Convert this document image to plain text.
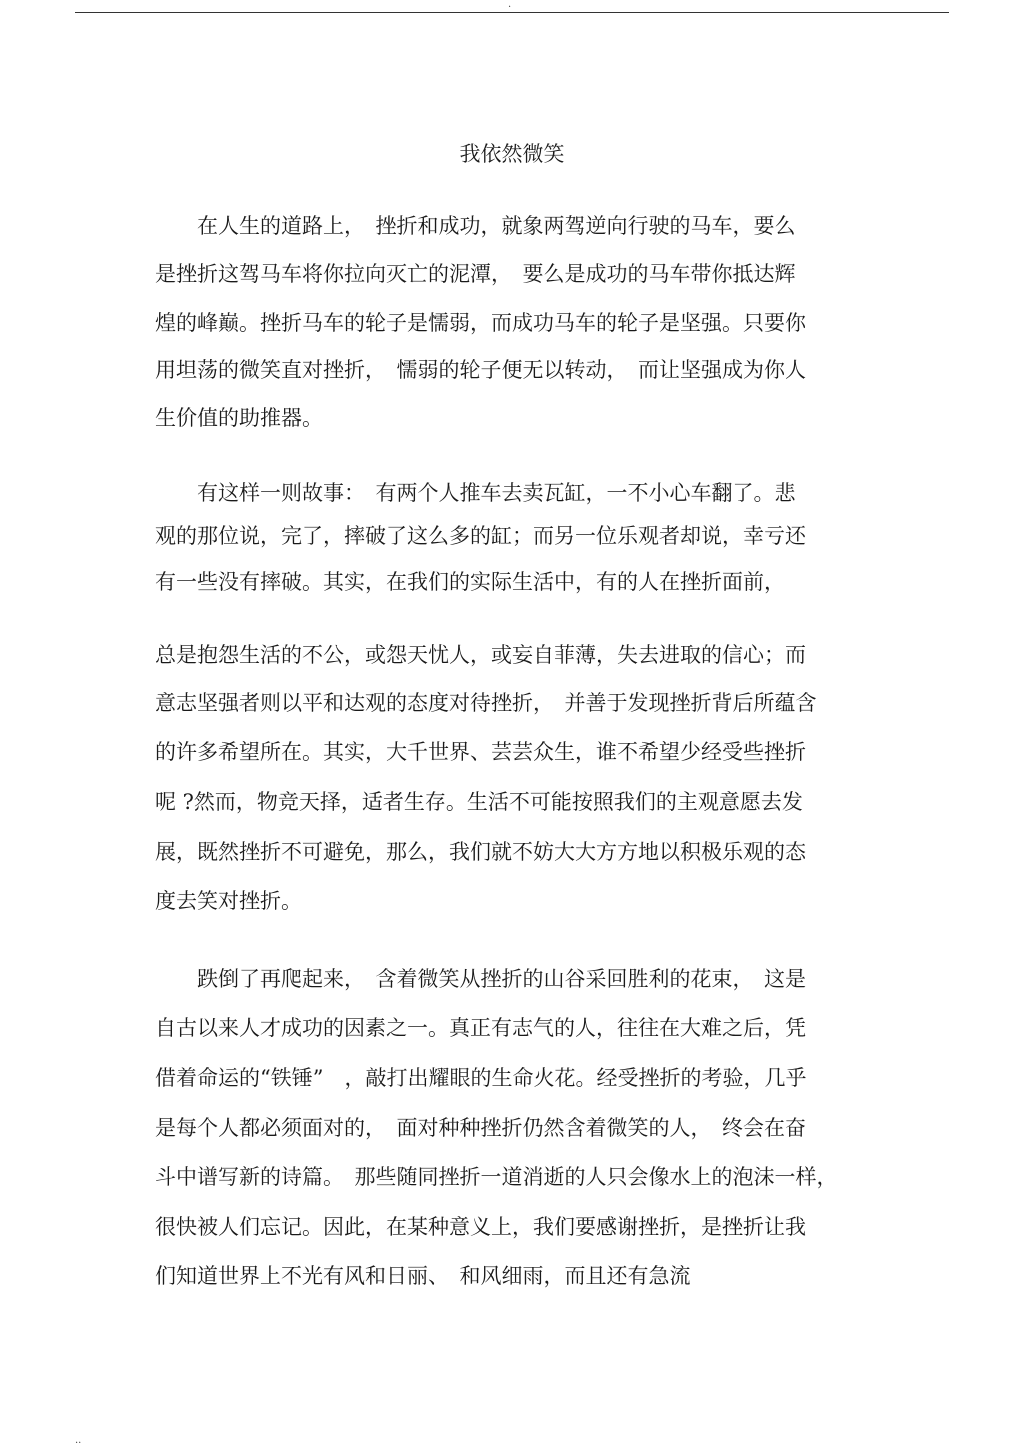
.
我依然微笑
　　在人生的道路上，　挫折和成功，就象两驾逆向行驶的马车，要么
是挫折这驾马车将你拉向灭亡的泥潭，　要么是成功的马车带你抵达辉
煌的峰巅。挫折马车的轮子是懦弱，而成功马车的轮子是坚强。只要你
用坦荡的微笑直对挫折，　懦弱的轮子便无以转动，　而让坚强成为你人
生价值的助推器。
　　有这样一则故事：　有两个人推车去卖瓦缸，一不小心车翻了。悲
观的那位说，完了，摔破了这么多的缸；而另一位乐观者却说，幸亏还
有一些没有摔破。其实，在我们的实际生活中，有的人在挫折面前，
总是抱怨生活的不公，或怨天忧人，或妄自菲薄，失去进取的信心；而
意志坚强者则以平和达观的态度对待挫折，　并善于发现挫折背后所蕴含
的许多希望所在。其实，大千世界、芸芸众生，谁不希望少经受些挫折
呢 ?然而，物竞天择，适者生存。生活不可能按照我们的主观意愿去发
展，既然挫折不可避免，那么，我们就不妨大大方方地以积极乐观的态
度去笑对挫折。
　　跌倒了再爬起来，　含着微笑从挫折的山谷采回胜利的花束，　这是
自古以来人才成功的因素之一。真正有志气的人，往往在大难之后，凭
借着命运的“铁锤”　，敲打出耀眼的生命火花。经受挫折的考验，几乎
是每个人都必须面对的，　面对种种挫折仍然含着微笑的人，　终会在奋
斗中谱写新的诗篇。　那些随同挫折一道消逝的人只会像水上的泡沫一样，
很快被人们忘记。因此，在某种意义上，我们要感谢挫折，是挫折让我
们知道世界上不光有风和日丽、　和风细雨，而且还有急流
..
